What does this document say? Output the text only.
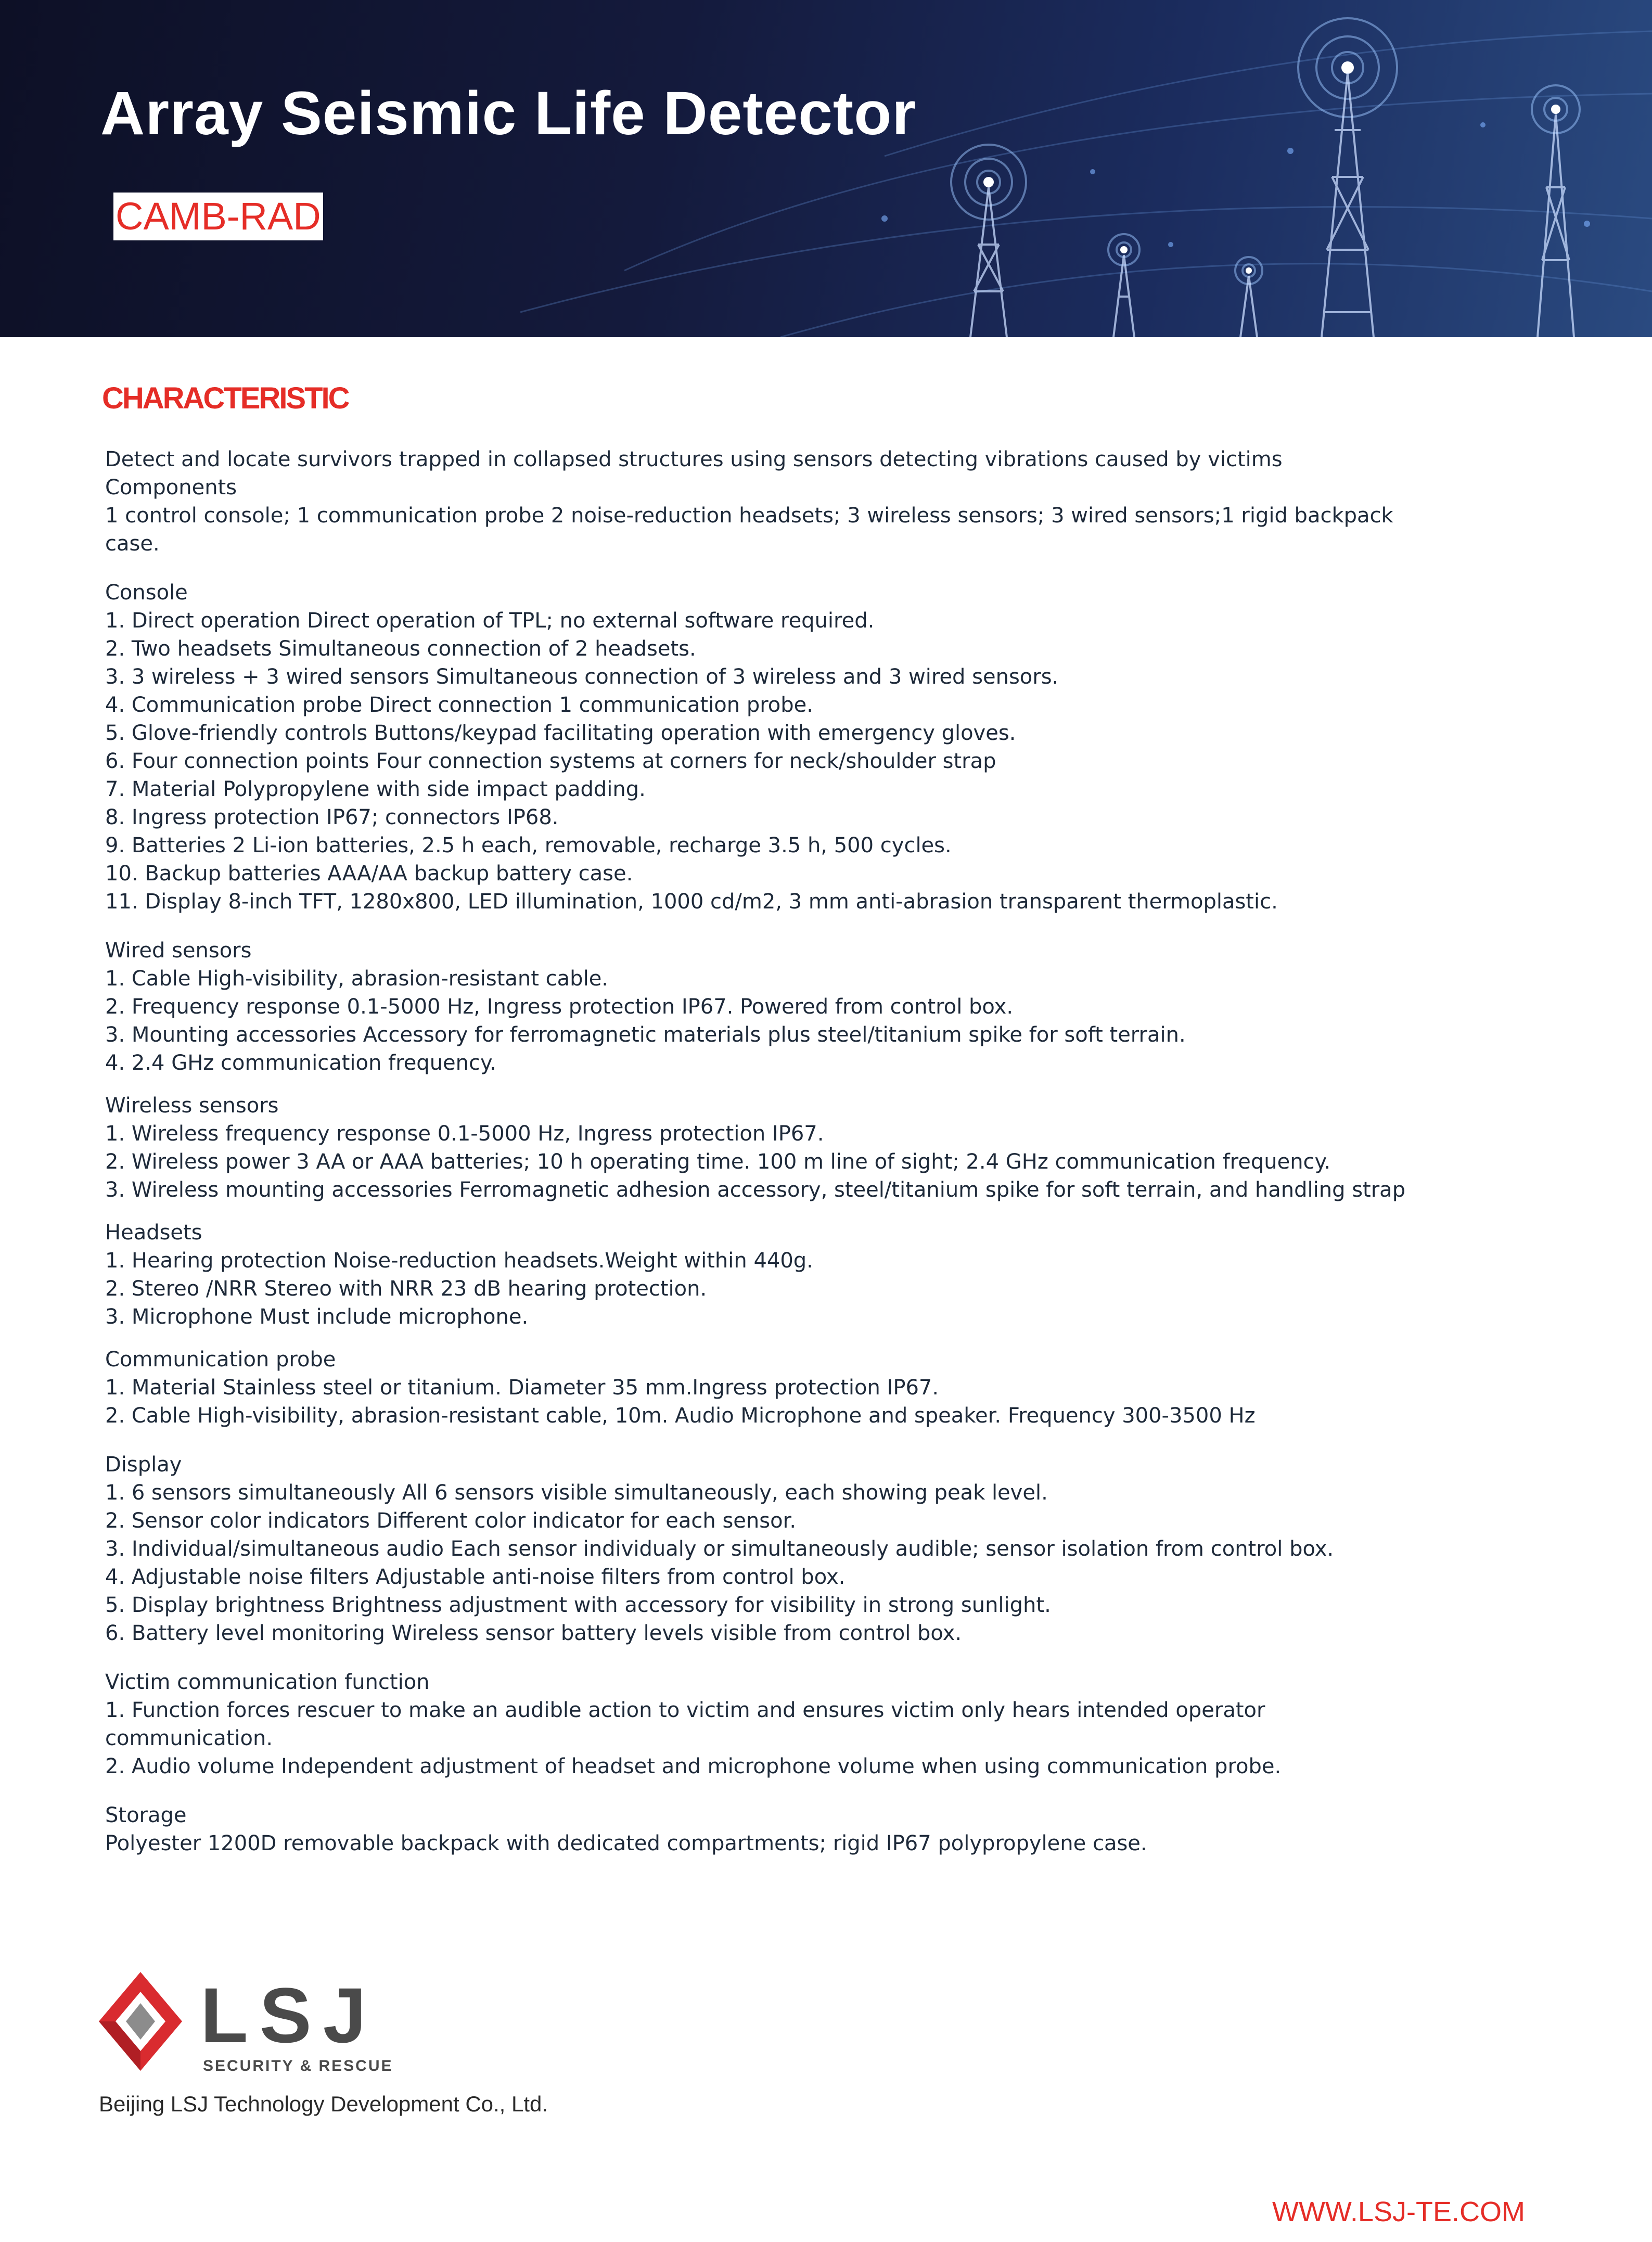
Array Seismic Life Detector
CAMB-RAD
CHARACTERISTIC
Detect and locate survivors trapped in collapsed structures using sensors detecting vibrations caused by victims
Components
1 control console; 1 communication probe 2 noise-reduction headsets; 3 wireless sensors; 3 wired sensors;1 rigid backpack
case.
Console
1. Direct operation Direct operation of TPL; no external software required.
2. Two headsets Simultaneous connection of 2 headsets.
3. 3 wireless + 3 wired sensors Simultaneous connection of 3 wireless and 3 wired sensors.
4. Communication probe Direct connection 1 communication probe.
5. Glove-friendly controls Buttons/keypad facilitating operation with emergency gloves.
6. Four connection points Four connection systems at corners for neck/shoulder strap
7. Material Polypropylene with side impact padding.
8. Ingress protection IP67; connectors IP68.
9. Batteries 2 Li-ion batteries, 2.5 h each, removable, recharge 3.5 h, 500 cycles.
10. Backup batteries AAA/AA backup battery case.
11. Display 8-inch TFT, 1280x800, LED illumination, 1000 cd/m2, 3 mm anti-abrasion transparent thermoplastic.
Wired sensors
1. Cable High-visibility, abrasion-resistant cable.
2. Frequency response 0.1-5000 Hz, Ingress protection IP67. Powered from control box.
3. Mounting accessories Accessory for ferromagnetic materials plus steel/titanium spike for soft terrain.
4. 2.4 GHz communication frequency.
Wireless sensors
1. Wireless frequency response 0.1-5000 Hz, Ingress protection IP67.
2. Wireless power 3 AA or AAA batteries; 10 h operating time. 100 m line of sight; 2.4 GHz communication frequency.
3. Wireless mounting accessories Ferromagnetic adhesion accessory, steel/titanium spike for soft terrain, and handling strap
Headsets
1. Hearing protection Noise-reduction headsets.Weight within 440g.
2. Stereo /NRR Stereo with NRR 23 dB hearing protection.
3. Microphone Must include microphone.
Communication probe
1. Material Stainless steel or titanium. Diameter 35 mm.Ingress protection IP67.
2. Cable High-visibility, abrasion-resistant cable, 10m. Audio Microphone and speaker. Frequency 300-3500 Hz
Display
1. 6 sensors simultaneously All 6 sensors visible simultaneously, each showing peak level.
2. Sensor color indicators Different color indicator for each sensor.
3. Individual/simultaneous audio Each sensor individualy or simultaneously audible; sensor isolation from control box.
4. Adjustable noise filters Adjustable anti-noise filters from control box.
5. Display brightness Brightness adjustment with accessory for visibility in strong sunlight.
6. Battery level monitoring Wireless sensor battery levels visible from control box.
Victim communication function
1. Function forces rescuer to make an audible action to victim and ensures victim only hears intended operator communication.
2. Audio volume Independent adjustment of headset and microphone volume when using communication probe.
Storage
Polyester 1200D removable backpack with dedicated compartments; rigid IP67 polypropylene case.
LSJ
SECURITY & RESCUE
Beijing LSJ Technology Development Co., Ltd.
WWW.LSJ-TE.COM
